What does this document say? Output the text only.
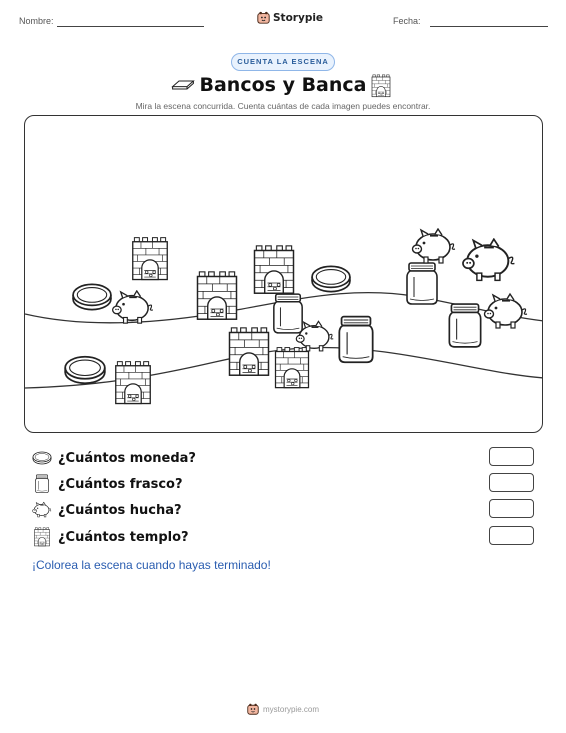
Nombre:	Storypie	Fecha:
CUENTA LA ESCENA
Bancos y Banca
Mira la escena concurrida. Cuenta cuántas de cada imagen puedes encontrar.
¿Cuántos moneda?
¿Cuántos frasco?
¿Cuántos hucha?
¿Cuántos templo?
¡Colorea la escena cuando hayas terminado!
mystorypie.com
